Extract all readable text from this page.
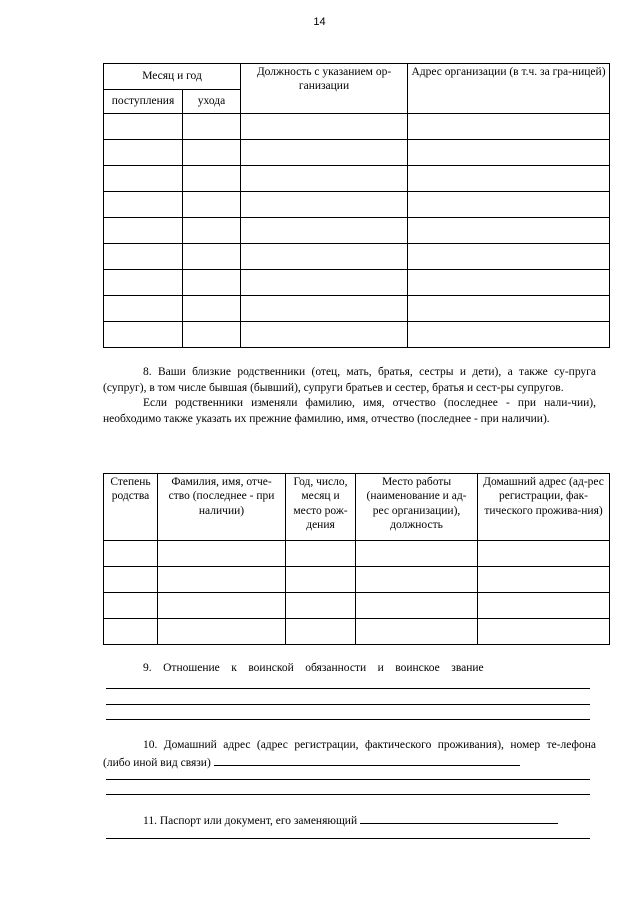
14
Месяц и год		Должность с указанием ор-ганизации	Адрес организации (в т.ч. за гра-ницей)
поступления	ухода		

8. Ваши близкие родственники (отец, мать, братья, сестры и дети), а также су-пруга (супруг), в том числе бывшая (бывший), супруги братьев и сестер, братья и сест-ры супругов.

Если родственники изменяли фамилию, имя, отчество (последнее - при нали-чии), необходимо также указать их прежние фамилию, имя, отчество (последнее - при наличии).

Степень родства	Фамилия, имя, отче-ство (последнее - при наличии)	Год, число, месяц и место рож-дения	Место работы (наименование и ад-рес организации), должность	Домашний адрес (ад-рес регистрации, фак-тического прожива-ния)

9.    Отношение    к    воинской    обязанности    и    воинское    звание

10. Домашний адрес (адрес регистрации, фактического проживания), номер те-лефона (либо иной вид связи)

11. Паспорт или документ, его заменяющий
